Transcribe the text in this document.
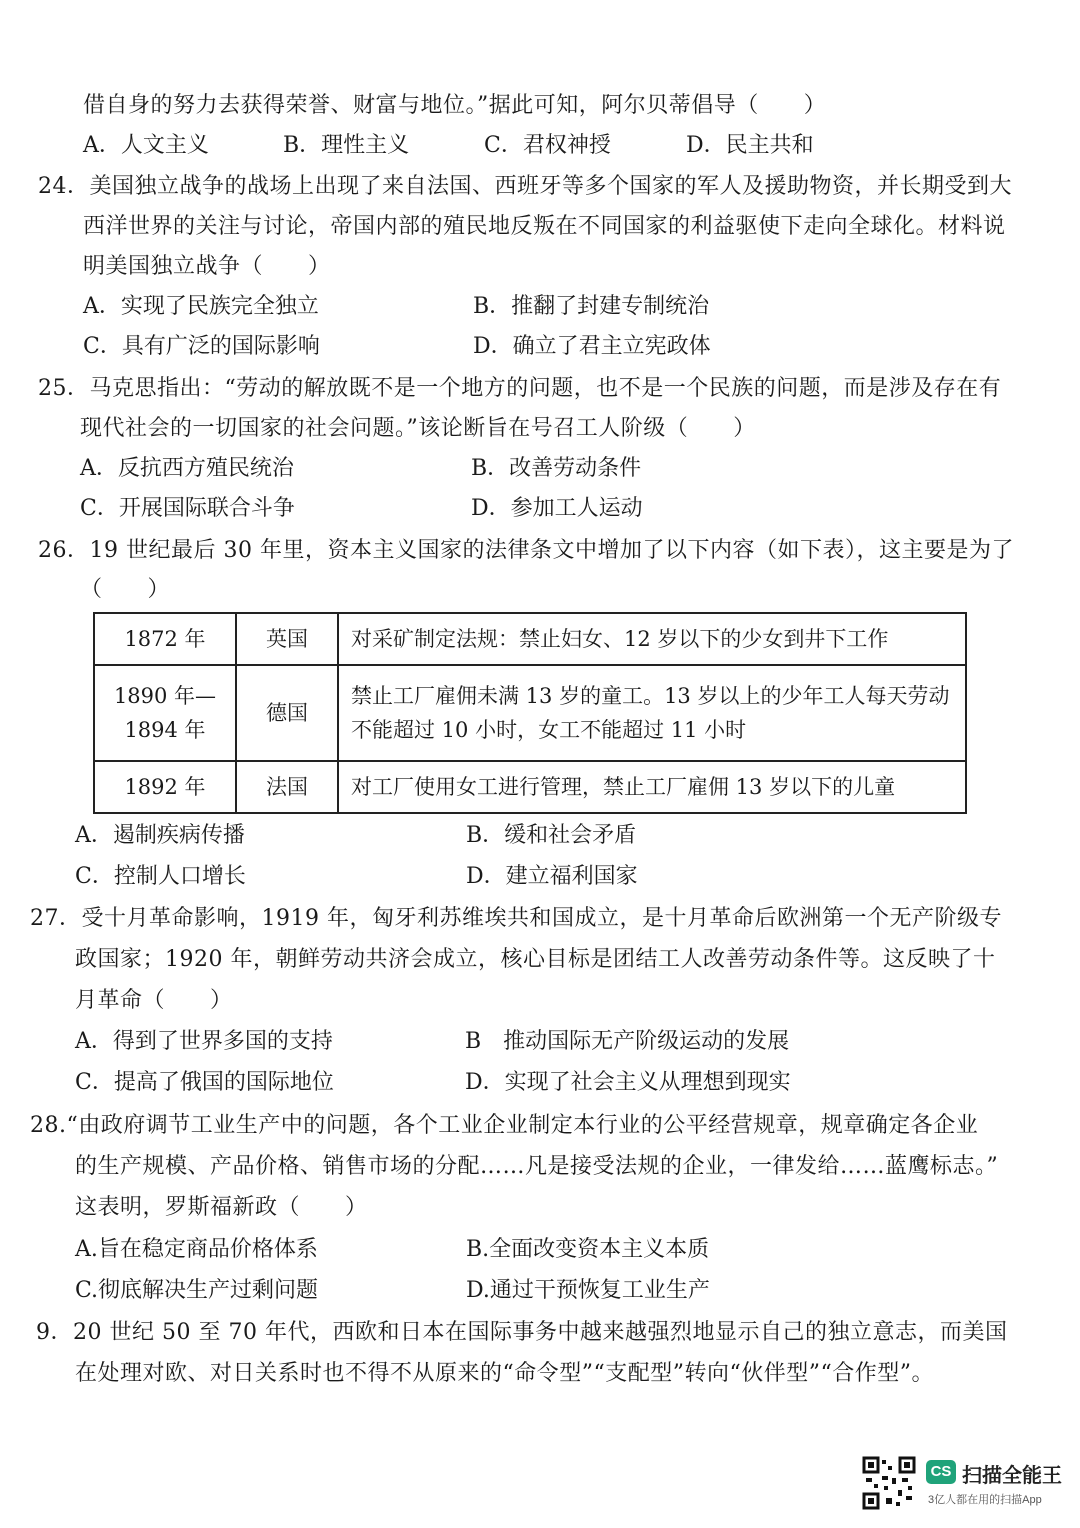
借自身的努力去获得荣誉、财富与地位。”据此可知，阿尔贝蒂倡导（　　）
A．人文主义	B．理性主义	C．君权神授	D．民主共和
24．美国独立战争的战场上出现了来自法国、西班牙等多个国家的军人及援助物资，并长期受到大
西洋世界的关注与讨论，帝国内部的殖民地反叛在不同国家的利益驱使下走向全球化。材料说
明美国独立战争（　　）
A．实现了民族完全独立	B．推翻了封建专制统治
C．具有广泛的国际影响	D．确立了君主立宪政体
25．马克思指出：“劳动的解放既不是一个地方的问题，也不是一个民族的问题，而是涉及存在有
现代社会的一切国家的社会问题。”该论断旨在号召工人阶级（　　）
A．反抗西方殖民统治	B．改善劳动条件
C．开展国际联合斗争	D．参加工人运动
26．19 世纪最后 30 年里，资本主义国家的法律条文中增加了以下内容（如下表），这主要是为了
（　　）
1872 年	英国	对采矿制定法规：禁止妇女、12 岁以下的少女到井下工作
1890 年—1894 年	德国	禁止工厂雇佣未满 13 岁的童工。13 岁以上的少年工人每天劳动不能超过 10 小时，女工不能超过 11 小时
1892 年	法国	对工厂使用女工进行管理，禁止工厂雇佣 13 岁以下的儿童
A．遏制疾病传播	B．缓和社会矛盾
C．控制人口增长	D．建立福利国家
27．受十月革命影响，1919 年，匈牙利苏维埃共和国成立，是十月革命后欧洲第一个无产阶级专
政国家；1920 年，朝鲜劳动共济会成立，核心目标是团结工人改善劳动条件等。这反映了十
月革命（　　）
A．得到了世界多国的支持	B　推动国际无产阶级运动的发展
C．提高了俄国的国际地位	D．实现了社会主义从理想到现实
28.“由政府调节工业生产中的问题，各个工业企业制定本行业的公平经营规章，规章确定各企业
的生产规模、产品价格、销售市场的分配……凡是接受法规的企业，一律发给……蓝鹰标志。”
这表明，罗斯福新政（　　）
A.旨在稳定商品价格体系	B.全面改变资本主义本质
C.彻底解决生产过剩问题	D.通过干预恢复工业生产
9．20 世纪 50 至 70 年代，西欧和日本在国际事务中越来越强烈地显示自己的独立意志，而美国
在处理对欧、对日关系时也不得不从原来的“命令型”“支配型”转向“伙伴型”“合作型”。
CS 扫描全能王
3亿人都在用的扫描App
